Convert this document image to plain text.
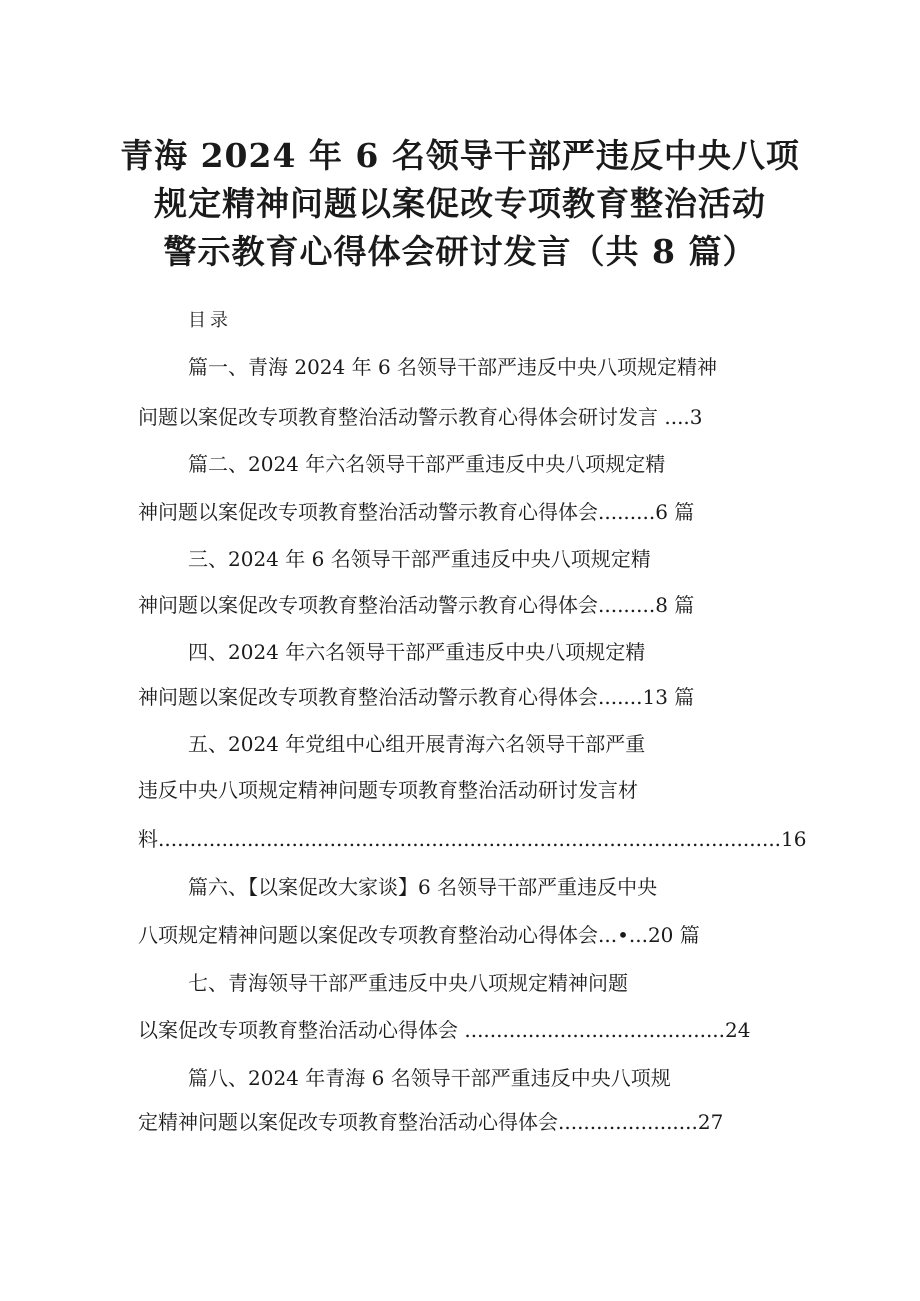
青海 2024 年 6 名领导干部严违反中央八项
规定精神问题以案促改专项教育整治活动
警示教育心得体会研讨发言（共 8 篇）
目录
篇一、青海 2024 年 6 名领导干部严违反中央八项规定精神
问题以案促改专项教育整治活动警示教育心得体会研讨发言 ....3
篇二、2024 年六名领导干部严重违反中央八项规定精
神问题以案促改专项教育整治活动警示教育心得体会.........6 篇
三、2024 年 6 名领导干部严重违反中央八项规定精
神问题以案促改专项教育整治活动警示教育心得体会.........8 篇
四、2024 年六名领导干部严重违反中央八项规定精
神问题以案促改专项教育整治活动警示教育心得体会.......13 篇
五、2024 年党组中心组开展青海六名领导干部严重
违反中央八项规定精神问题专项教育整治活动研讨发言材
料..................................................................................................16
篇六、【以案促改大家谈】6 名领导干部严重违反中央
八项规定精神问题以案促改专项教育整治动心得体会...•...20 篇
七、青海领导干部严重违反中央八项规定精神问题
以案促改专项教育整治活动心得体会 .........................................24
篇八、2024 年青海 6 名领导干部严重违反中央八项规
定精神问题以案促改专项教育整治活动心得体会......................27
